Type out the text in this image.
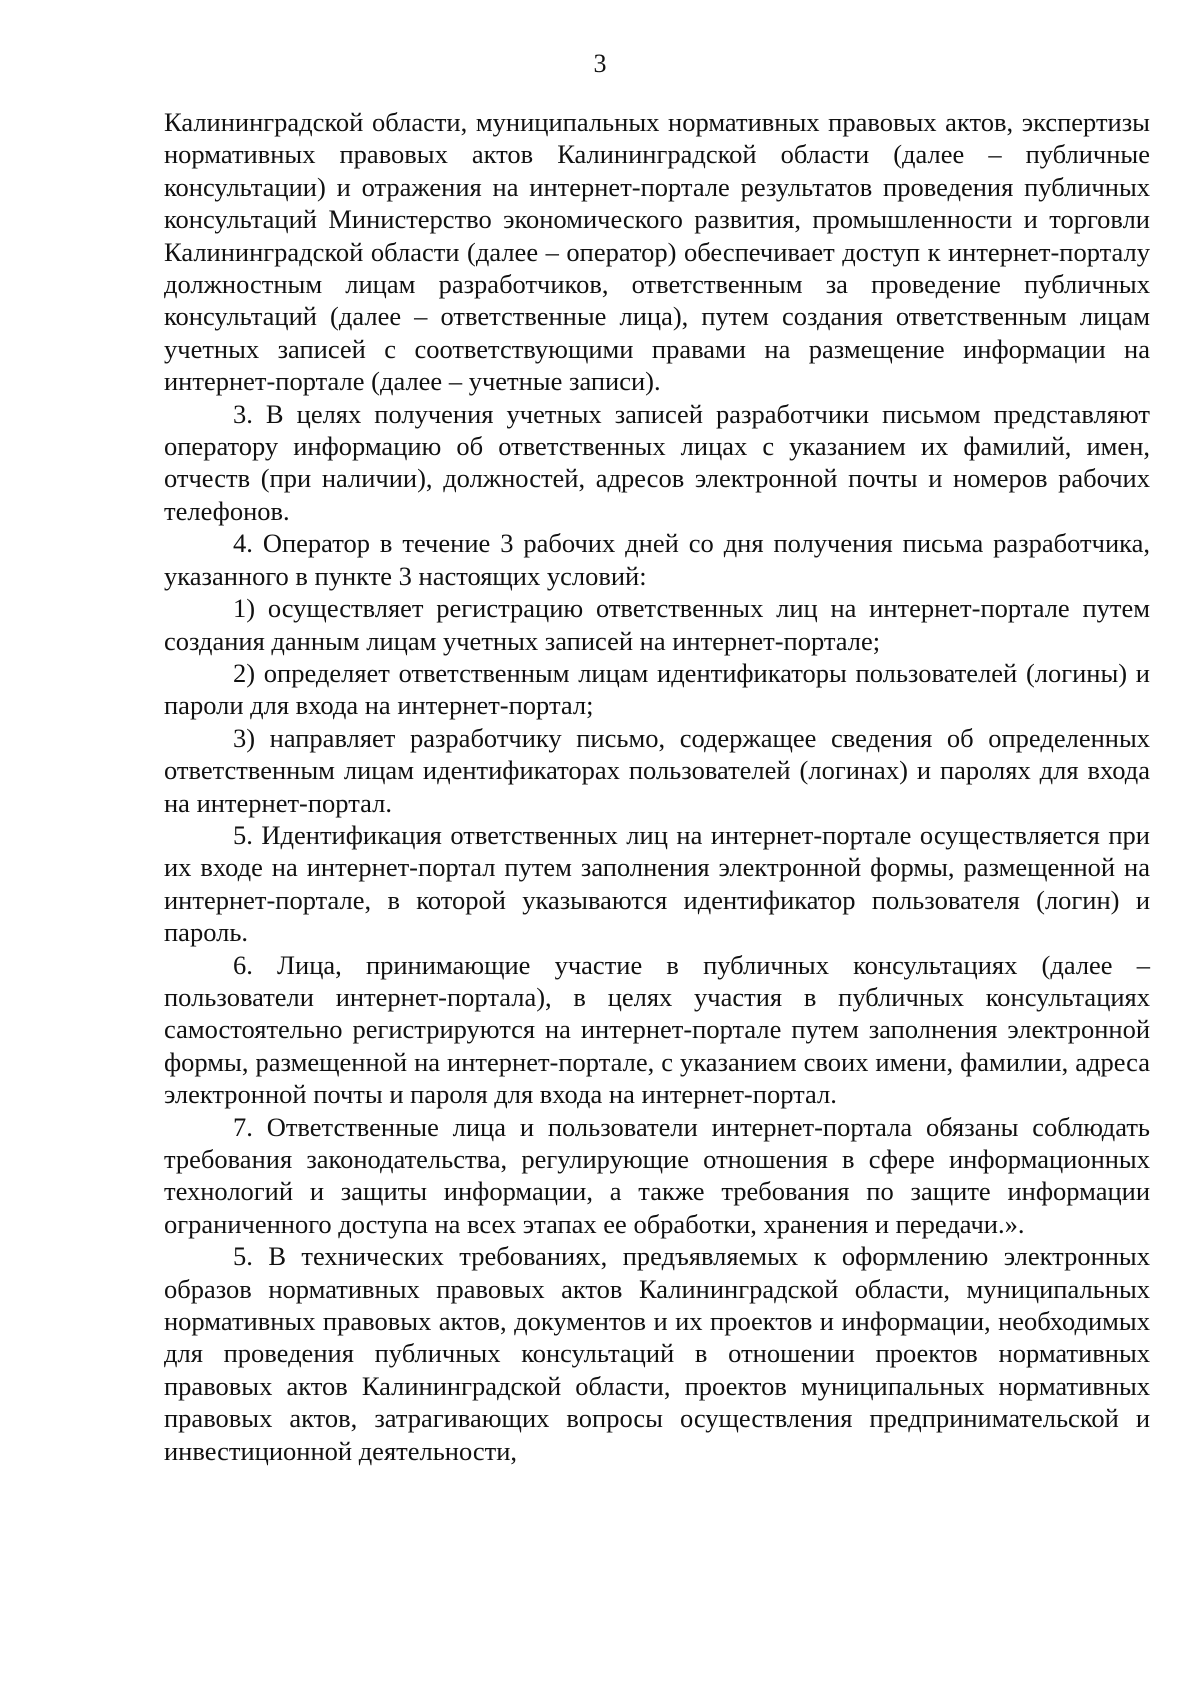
3

Калининградской области, муниципальных нормативных правовых актов, экспертизы нормативных правовых актов Калининградской области (далее – публичные консультации) и отражения на интернет-портале результатов проведения публичных консультаций Министерство экономического развития, промышленности и торговли Калининградской области (далее – оператор) обеспечивает доступ к интернет-порталу должностным лицам разработчиков, ответственным за проведение публичных консультаций (далее – ответственные лица), путем создания ответственным лицам учетных записей с соответствующими правами на размещение информации на интернет-портале (далее – учетные записи).

3. В целях получения учетных записей разработчики письмом представляют оператору информацию об ответственных лицах с указанием их фамилий, имен, отчеств (при наличии), должностей, адресов электронной почты и номеров рабочих телефонов.

4. Оператор в течение 3 рабочих дней со дня получения письма разработчика, указанного в пункте 3 настоящих условий:

1) осуществляет регистрацию ответственных лиц на интернет-портале путем создания данным лицам учетных записей на интернет-портале;

2) определяет ответственным лицам идентификаторы пользователей (логины) и пароли для входа на интернет-портал;

3) направляет разработчику письмо, содержащее сведения об определенных ответственным лицам идентификаторах пользователей (логинах) и паролях для входа на интернет-портал.

5. Идентификация ответственных лиц на интернет-портале осуществляется при их входе на интернет-портал путем заполнения электронной формы, размещенной на интернет-портале, в которой указываются идентификатор пользователя (логин) и пароль.

6. Лица, принимающие участие в публичных консультациях (далее – пользователи интернет-портала), в целях участия в публичных консультациях самостоятельно регистрируются на интернет-портале путем заполнения электронной формы, размещенной на интернет-портале, с указанием своих имени, фамилии, адреса электронной почты и пароля для входа на интернет-портал.

7. Ответственные лица и пользователи интернет-портала обязаны соблюдать требования законодательства, регулирующие отношения в сфере информационных технологий и защиты информации, а также требования по защите информации ограниченного доступа на всех этапах ее обработки, хранения и передачи.».

5. В технических требованиях, предъявляемых к оформлению электронных образов нормативных правовых актов Калининградской области, муниципальных нормативных правовых актов, документов и их проектов и информации, необходимых для проведения публичных консультаций в отношении проектов нормативных правовых актов Калининградской области, проектов муниципальных нормативных правовых актов, затрагивающих вопросы осуществления предпринимательской и инвестиционной деятельности,
